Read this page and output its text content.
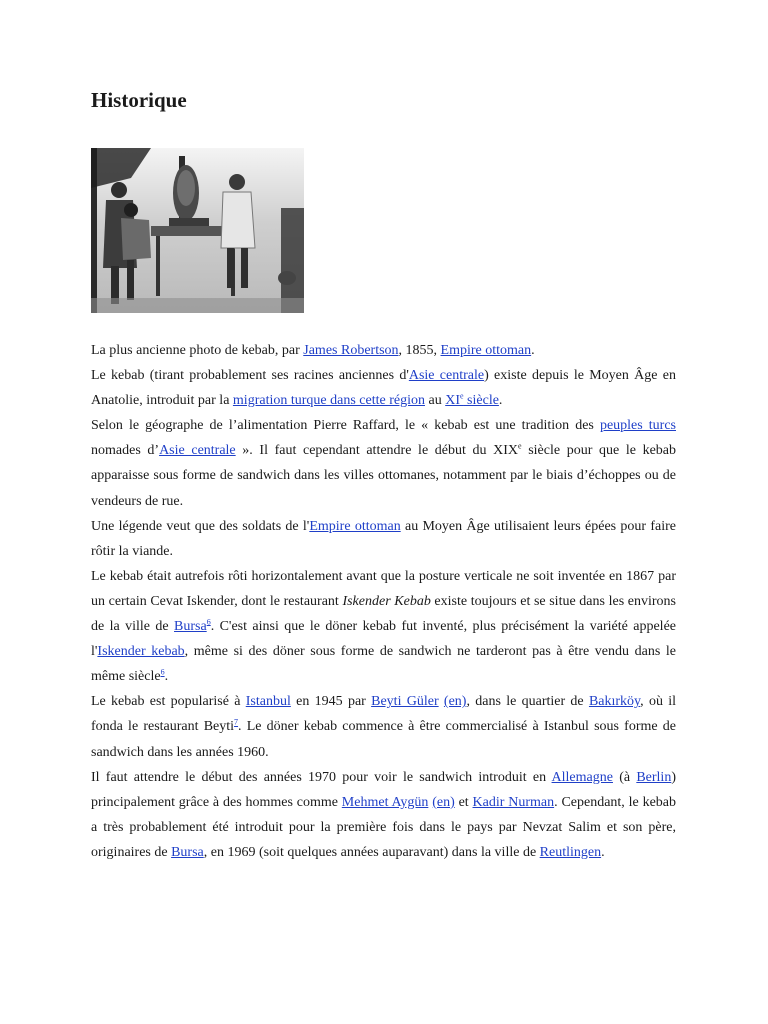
Historique

La plus ancienne photo de kebab, par James Robertson, 1855, Empire ottoman.

Le kebab (tirant probablement ses racines anciennes d'Asie centrale) existe depuis le Moyen Âge en Anatolie, introduit par la migration turque dans cette région au XIe siècle.

Selon le géographe de l’alimentation Pierre Raffard, le « kebab est une tradition des peuples turcs nomades d’Asie centrale ». Il faut cependant attendre le début du XIXe siècle pour que le kebab apparaisse sous forme de sandwich dans les villes ottomanes, notamment par le biais d’échoppes ou de vendeurs de rue.

Une légende veut que des soldats de l'Empire ottoman au Moyen Âge utilisaient leurs épées pour faire rôtir la viande.

Le kebab était autrefois rôti horizontalement avant que la posture verticale ne soit inventée en 1867 par un certain Cevat Iskender, dont le restaurant Iskender Kebab existe toujours et se situe dans les environs de la ville de Bursa$^6$. C'est ainsi que le döner kebab fut inventé, plus précisément la variété appelée l'Iskender kebab, même si des döner sous forme de sandwich ne tarderont pas à être vendu dans le même siècle$^6$.

Le kebab est popularisé à Istanbul en 1945 par Beyti Güler (en), dans le quartier de Bakırköy, où il fonda le restaurant Beyti$^7$. Le döner kebab commence à être commercialisé à Istanbul sous forme de sandwich dans les années 1960.

Il faut attendre le début des années 1970 pour voir le sandwich introduit en Allemagne (à Berlin) principalement grâce à des hommes comme Mehmet Aygün (en) et Kadir Nurman. Cependant, le kebab a très probablement été introduit pour la première fois dans le pays par Nevzat Salim et son père, originaires de Bursa, en 1969 (soit quelques années auparavant) dans la ville de Reutlingen.
